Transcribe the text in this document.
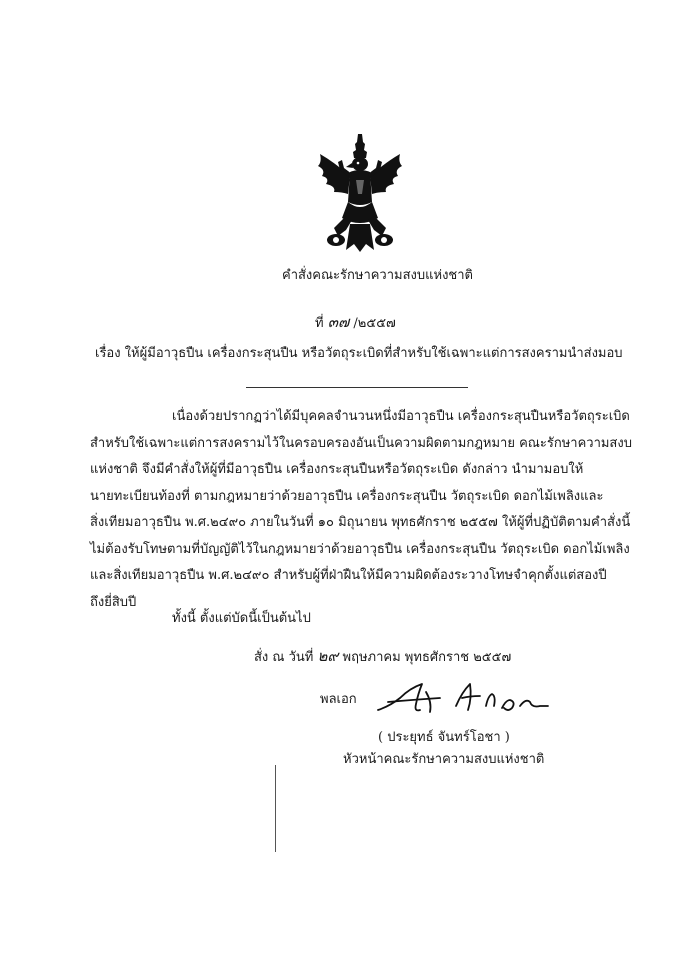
คำสั่งคณะรักษาความสงบแห่งชาติ
ที่ ๓๗ /๒๕๕๗
เรื่อง ให้ผู้มีอาวุธปืน เครื่องกระสุนปืน หรือวัตถุระเบิดที่สำหรับใช้เฉพาะแต่การสงครามนำส่งมอบ
เนื่องด้วยปรากฏว่าได้มีบุคคลจำนวนหนึ่งมีอาวุธปืน เครื่องกระสุนปืนหรือวัตถุระเบิด
สำหรับใช้เฉพาะแต่การสงครามไว้ในครอบครองอันเป็นความผิดตามกฎหมาย คณะรักษาความสงบ
แห่งชาติ จึงมีคำสั่งให้ผู้ที่มีอาวุธปืน เครื่องกระสุนปืนหรือวัตถุระเบิด ดังกล่าว นำมามอบให้
นายทะเบียนท้องที่ ตามกฎหมายว่าด้วยอาวุธปืน เครื่องกระสุนปืน วัตถุระเบิด ดอกไม้เพลิงและ
สิ่งเทียมอาวุธปืน พ.ศ.๒๔๙๐ ภายในวันที่ ๑๐ มิถุนายน พุทธศักราช ๒๕๕๗ ให้ผู้ที่ปฏิบัติตามคำสั่งนี้
ไม่ต้องรับโทษตามที่บัญญัติไว้ในกฎหมายว่าด้วยอาวุธปืน เครื่องกระสุนปืน วัตถุระเบิด ดอกไม้เพลิง
และสิ่งเทียมอาวุธปืน พ.ศ.๒๔๙๐ สำหรับผู้ที่ฝ่าฝืนให้มีความผิดต้องระวางโทษจำคุกตั้งแต่สองปี
ถึงยี่สิบปี
ทั้งนี้ ตั้งแต่บัดนี้เป็นต้นไป
สั่ง ณ วันที่ ๒๙ พฤษภาคม พุทธศักราช ๒๕๕๗
พลเอก
( ประยุทธ์ จันทร์โอชา )
หัวหน้าคณะรักษาความสงบแห่งชาติ
